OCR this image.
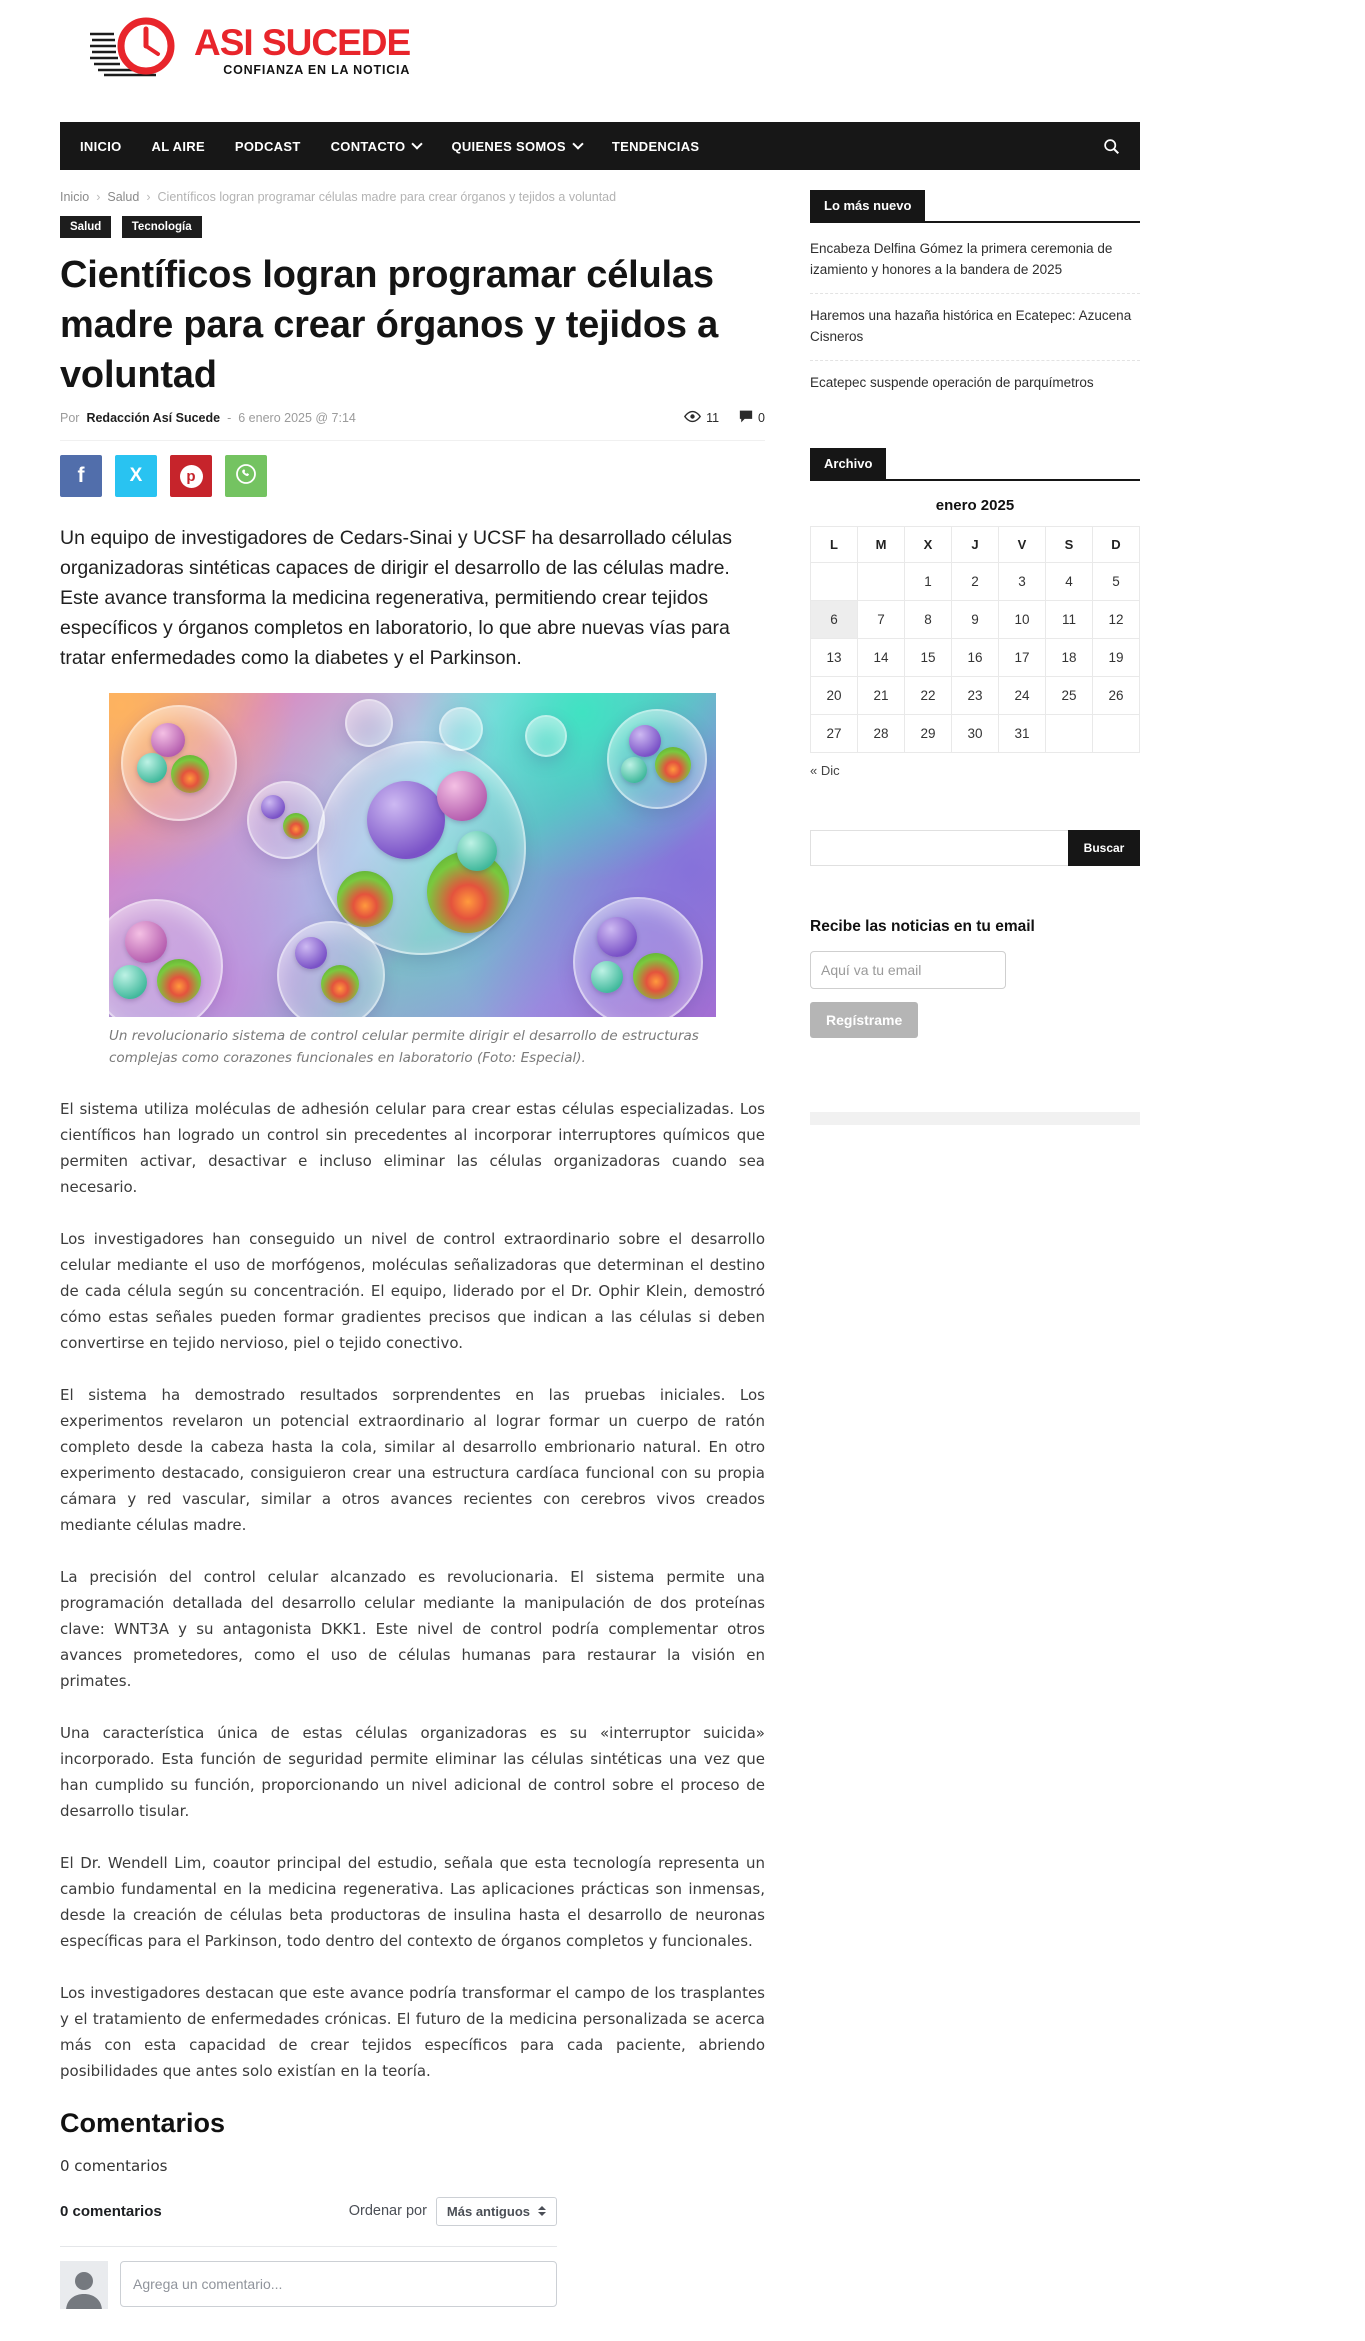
ASI SUCEDE
CONFIANZA EN LA NOTICIA
INICIO AL AIRE PODCAST CONTACTO	QUIENES SOMOS	TENDENCIAS
Inicio › Salud › Científicos logran programar células madre para crear órganos y tejidos a voluntad
Salud	Tecnología
Científicos logran programar células madre para crear órganos y tejidos a voluntad
Por Redacción Así Sucede - 6 enero 2025 @ 7:14	11	0
f X	p

Un equipo de investigadores de Cedars-Sinai y UCSF ha desarrollado células organizadoras sintéticas capaces de dirigir el desarrollo de las células madre. Este avance transforma la medicina regenerativa, permitiendo crear tejidos específicos y órganos completos en laboratorio, lo que abre nuevas vías para tratar enfermedades como la diabetes y el Parkinson.

Un revolucionario sistema de control celular permite dirigir el desarrollo de estructuras complejas como corazones funcionales en laboratorio (Foto: Especial).

El sistema utiliza moléculas de adhesión celular para crear estas células especializadas. Los científicos han logrado un control sin precedentes al incorporar interruptores químicos que permiten activar, desactivar e incluso eliminar las células organizadoras cuando sea necesario.

Los investigadores han conseguido un nivel de control extraordinario sobre el desarrollo celular mediante el uso de morfógenos, moléculas señalizadoras que determinan el destino de cada célula según su concentración. El equipo, liderado por el Dr. Ophir Klein, demostró cómo estas señales pueden formar gradientes precisos que indican a las células si deben convertirse en tejido nervioso, piel o tejido conectivo.

El sistema ha demostrado resultados sorprendentes en las pruebas iniciales. Los experimentos revelaron un potencial extraordinario al lograr formar un cuerpo de ratón completo desde la cabeza hasta la cola, similar al desarrollo embrionario natural. En otro experimento destacado, consiguieron crear una estructura cardíaca funcional con su propia cámara y red vascular, similar a otros avances recientes con cerebros vivos creados mediante células madre.

La precisión del control celular alcanzado es revolucionaria. El sistema permite una programación detallada del desarrollo celular mediante la manipulación de dos proteínas clave: WNT3A y su antagonista DKK1. Este nivel de control podría complementar otros avances prometedores, como el uso de células humanas para restaurar la visión en primates.

Una característica única de estas células organizadoras es su «interruptor suicida» incorporado. Esta función de seguridad permite eliminar las células sintéticas una vez que han cumplido su función, proporcionando un nivel adicional de control sobre el proceso de desarrollo tisular.

El Dr. Wendell Lim, coautor principal del estudio, señala que esta tecnología representa un cambio fundamental en la medicina regenerativa. Las aplicaciones prácticas son inmensas, desde la creación de células beta productoras de insulina hasta el desarrollo de neuronas específicas para el Parkinson, todo dentro del contexto de órganos completos y funcionales.

Los investigadores destacan que este avance podría transformar el campo de los trasplantes y el tratamiento de enfermedades crónicas. El futuro de la medicina personalizada se acerca más con esta capacidad de crear tejidos específicos para cada paciente, abriendo posibilidades que antes solo existían en la teoría.

Comentarios
0 comentarios
0 comentarios	Ordenar por Más antiguos
Agrega un comentario...
Lo más nuevo
Encabeza Delfina Gómez la primera ceremonia de izamiento y honores a la bandera de 2025
Haremos una hazaña histórica en Ecatepec: Azucena Cisneros
Ecatepec suspende operación de parquímetros
Archivo
enero 2025
L	M	X	J	V	S	D
		1	2	3	4	5
6	7	8	9	10	11	12
13	14	15	16	17	18	19
20	21	22	23	24	25	26
27	28	29	30	31		
« Dic
Buscar
Recibe las noticias en tu email
Aquí va tu email
Regístrame
